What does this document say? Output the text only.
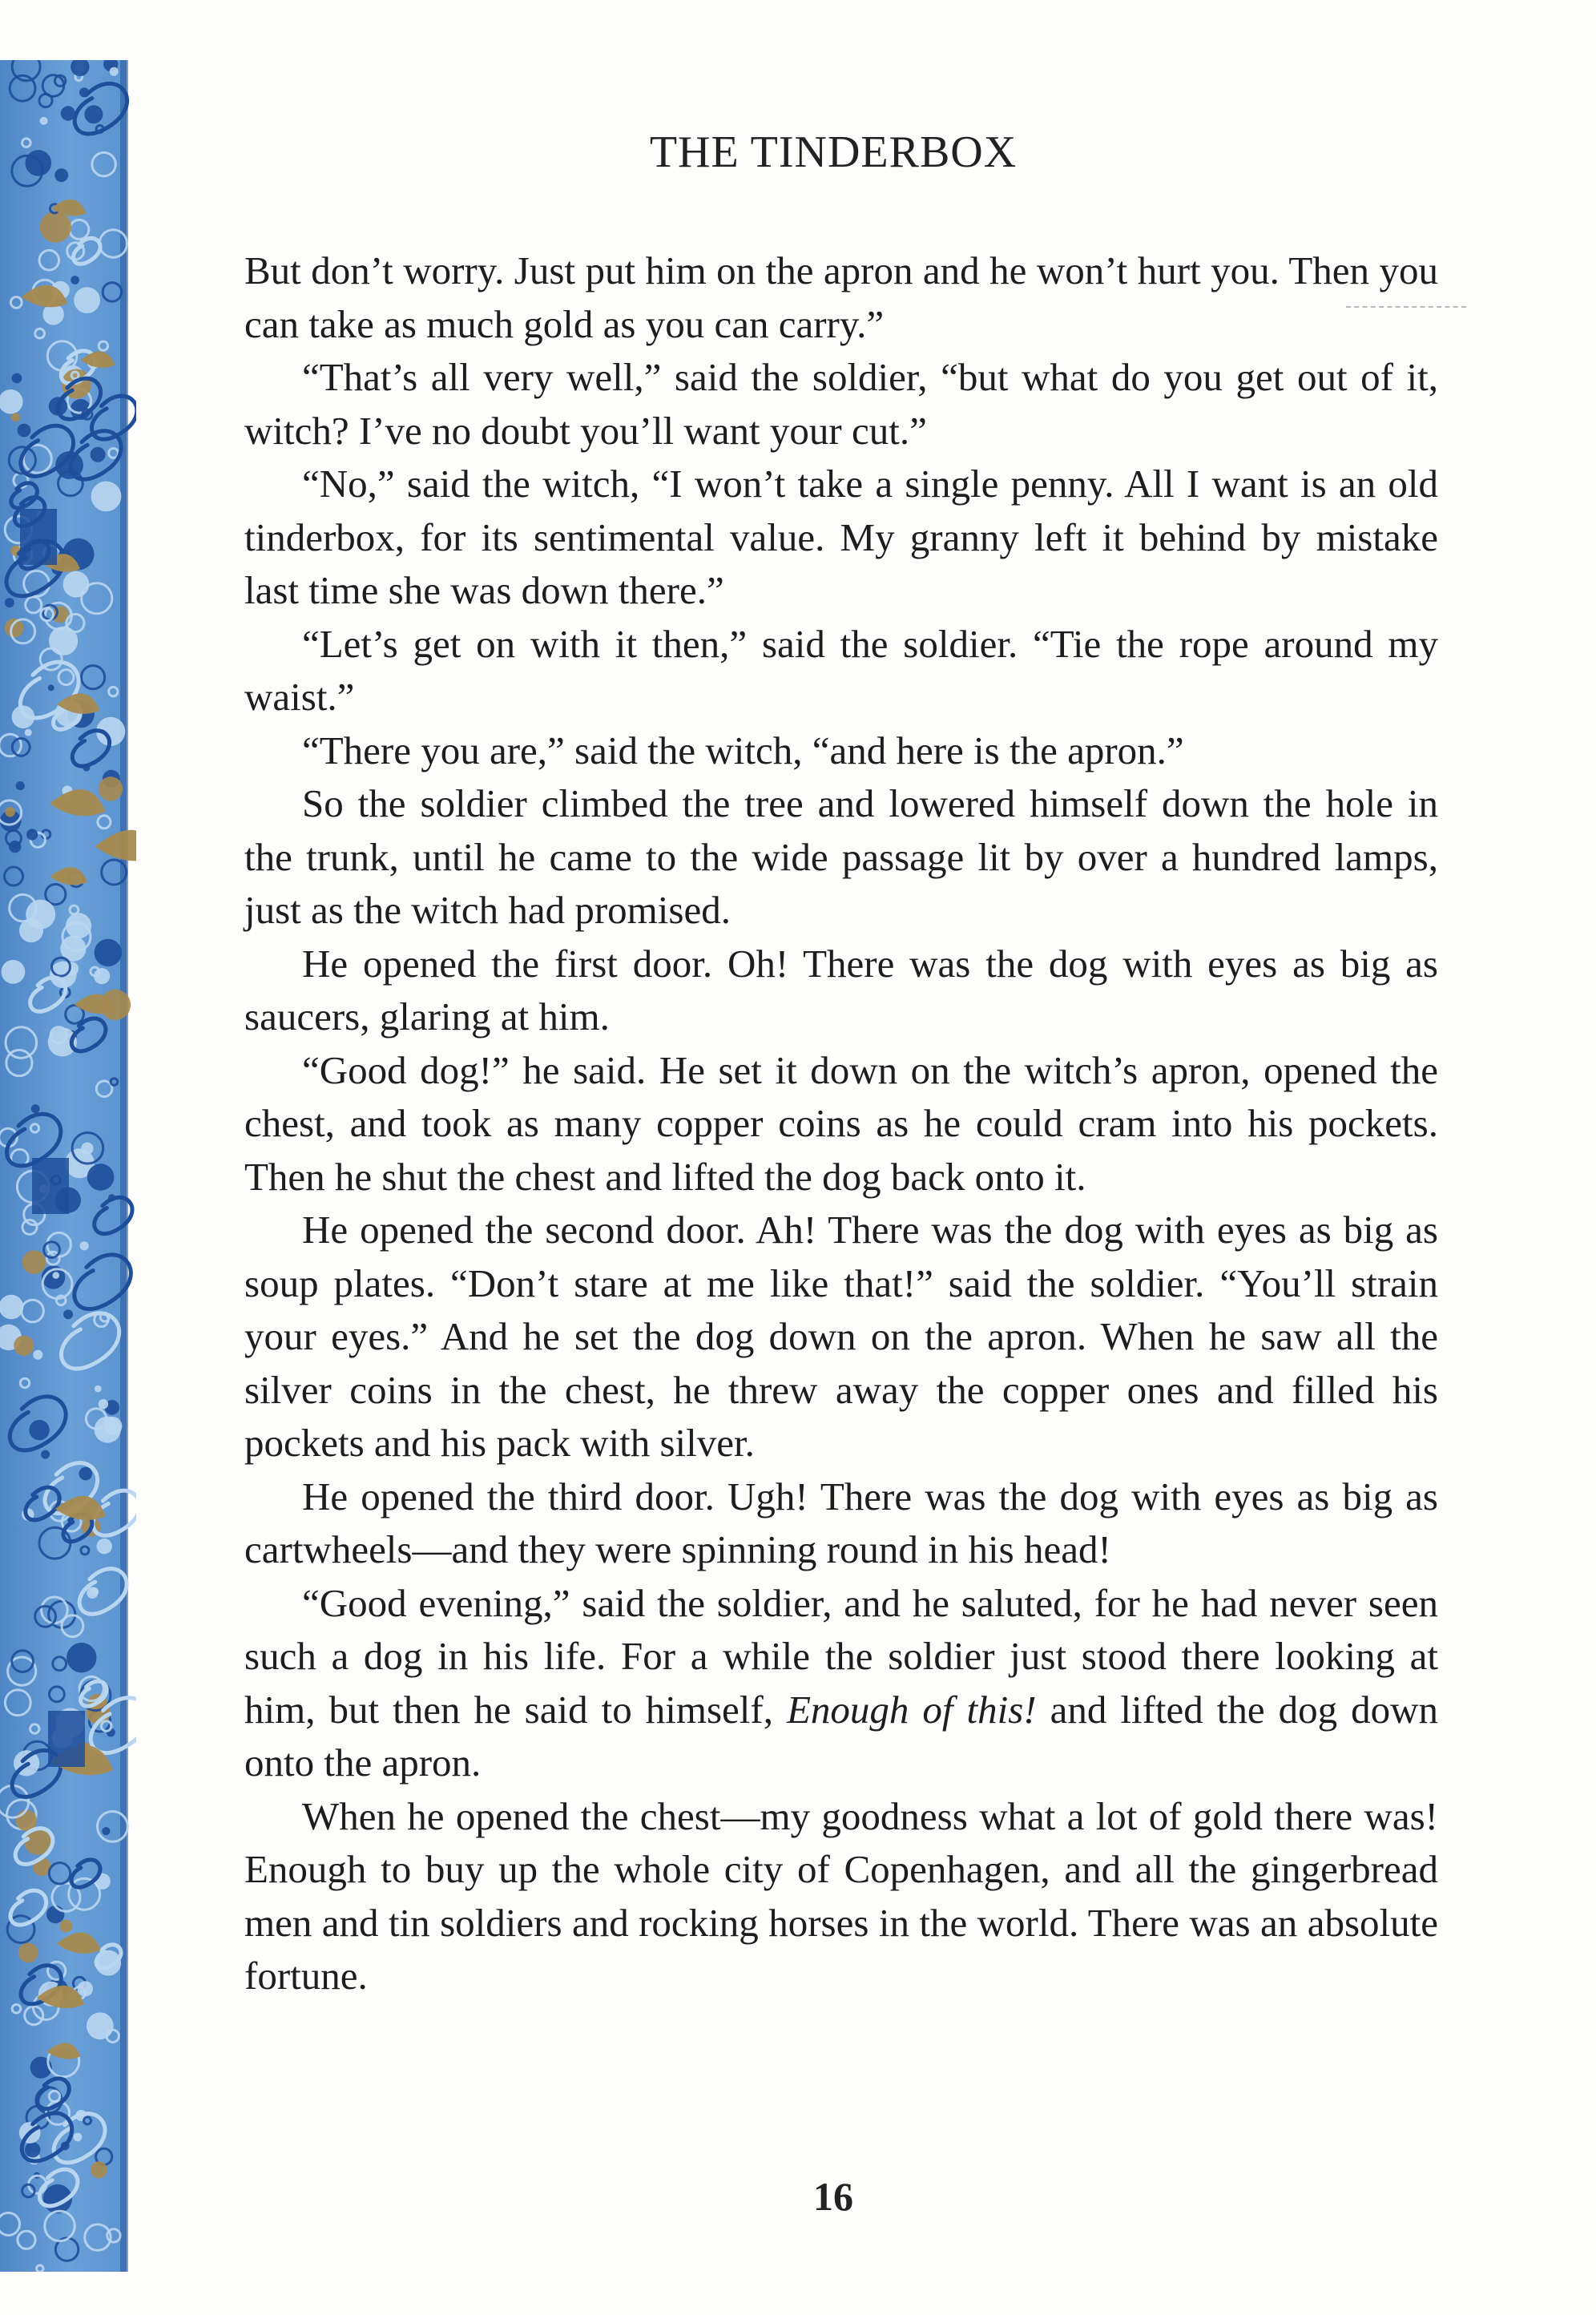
THE TINDERBOX

But don’t worry. Just put him on the apron and he won’t hurt you. Then you can take as much gold as you can carry.”

“That’s all very well,” said the soldier, “but what do you get out of it, witch? I’ve no doubt you’ll want your cut.”

“No,” said the witch, “I won’t take a single penny. All I want is an old tinderbox, for its sentimental value. My granny left it behind by mistake last time she was down there.”

“Let’s get on with it then,” said the soldier. “Tie the rope around my waist.”

“There you are,” said the witch, “and here is the apron.”

So the soldier climbed the tree and lowered himself down the hole in the trunk, until he came to the wide passage lit by over a hundred lamps, just as the witch had promised.

He opened the first door. Oh! There was the dog with eyes as big as saucers, glaring at him.

“Good dog!” he said. He set it down on the witch’s apron, opened the chest, and took as many copper coins as he could cram into his pockets. Then he shut the chest and lifted the dog back onto it.

He opened the second door. Ah! There was the dog with eyes as big as soup plates. “Don’t stare at me like that!” said the soldier. “You’ll strain your eyes.” And he set the dog down on the apron. When he saw all the silver coins in the chest, he threw away the copper ones and filled his pockets and his pack with silver.

He opened the third door. Ugh! There was the dog with eyes as big as cartwheels—and they were spinning round in his head!

“Good evening,” said the soldier, and he saluted, for he had never seen such a dog in his life. For a while the soldier just stood there looking at him, but then he said to himself, Enough of this! and lifted the dog down onto the apron.

When he opened the chest—my goodness what a lot of gold there was! Enough to buy up the whole city of Copenhagen, and all the gingerbread men and tin soldiers and rocking horses in the world. There was an absolute fortune.

16
